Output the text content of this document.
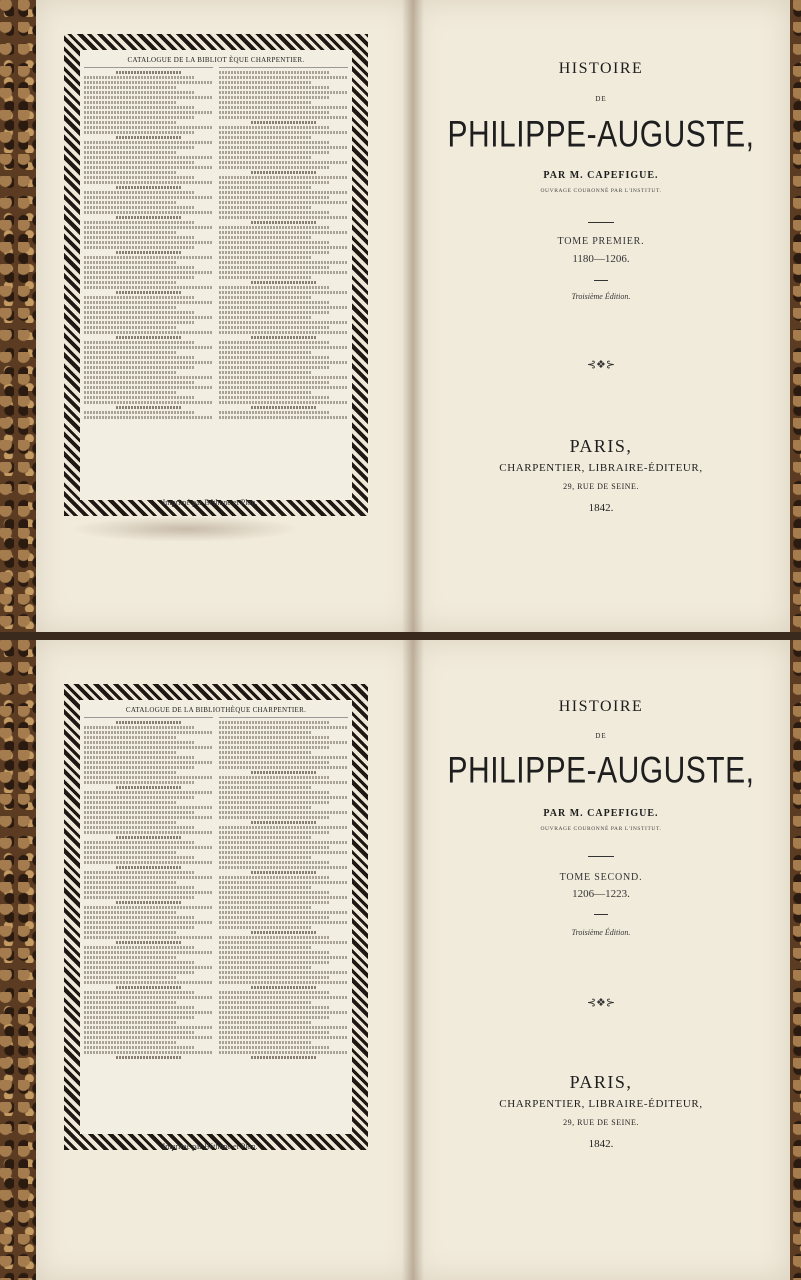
CATALOGUE DE LA BIBLIOT ÈQUE CHARPENTIER.
Imprimé par Béthune et Plon.
HISTOIRE
DE
PHILIPPE-AUGUSTE,
PAR M. CAPEFIGUE.
OUVRAGE COURONNÉ PAR L'INSTITUT.
TOME PREMIER.
1180—1206.
Troisième Édition.
⊰❖⊱
PARIS,
CHARPENTIER, LIBRAIRE-ÉDITEUR,
29, RUE DE SEINE.
1842.
CATALOGUE DE LA BIBLIOTHÈQUE CHARPENTIER.
Imprimé par Béthune et Plon.
HISTOIRE
DE
PHILIPPE-AUGUSTE,
PAR M. CAPEFIGUE.
OUVRAGE COURONNÉ PAR L'INSTITUT.
TOME SECOND.
1206—1223.
Troisième Édition.
⊰❖⊱
PARIS,
CHARPENTIER, LIBRAIRE-ÉDITEUR,
29, RUE DE SEINE.
1842.
